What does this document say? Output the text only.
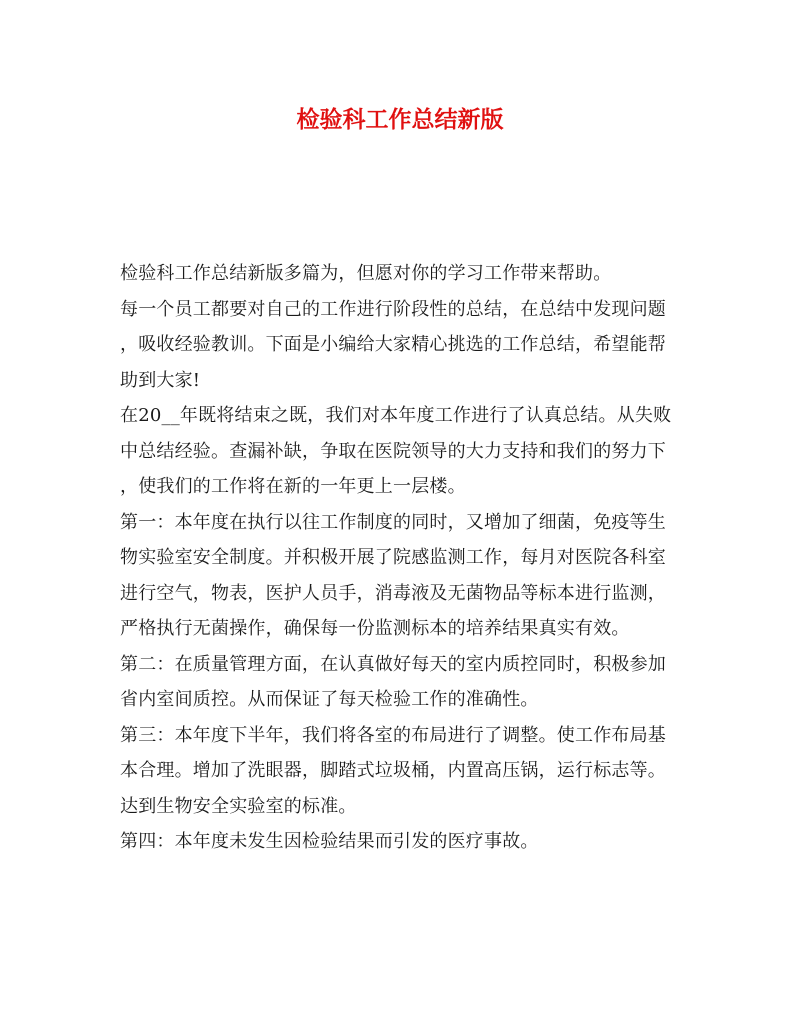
检验科工作总结新版
检验科工作总结新版多篇为，但愿对你的学习工作带来帮助。
每一个员工都要对自己的工作进行阶段性的总结，在总结中发现问题
，吸收经验教训。下面是小编给大家精心挑选的工作总结，希望能帮
助到大家!
在20__年既将结束之既，我们对本年度工作进行了认真总结。从失败
中总结经验。查漏补缺，争取在医院领导的大力支持和我们的努力下
，使我们的工作将在新的一年更上一层楼。
第一：本年度在执行以往工作制度的同时，又增加了细菌，免疫等生
物实验室安全制度。并积极开展了院感监测工作，每月对医院各科室
进行空气，物表，医护人员手，消毒液及无菌物品等标本进行监测，
严格执行无菌操作，确保每一份监测标本的培养结果真实有效。
第二：在质量管理方面，在认真做好每天的室内质控同时，积极参加
省内室间质控。从而保证了每天检验工作的准确性。
第三：本年度下半年，我们将各室的布局进行了调整。使工作布局基
本合理。增加了洗眼器，脚踏式垃圾桶，内置高压锅，运行标志等。
达到生物安全实验室的标准。
第四：本年度未发生因检验结果而引发的医疗事故。
